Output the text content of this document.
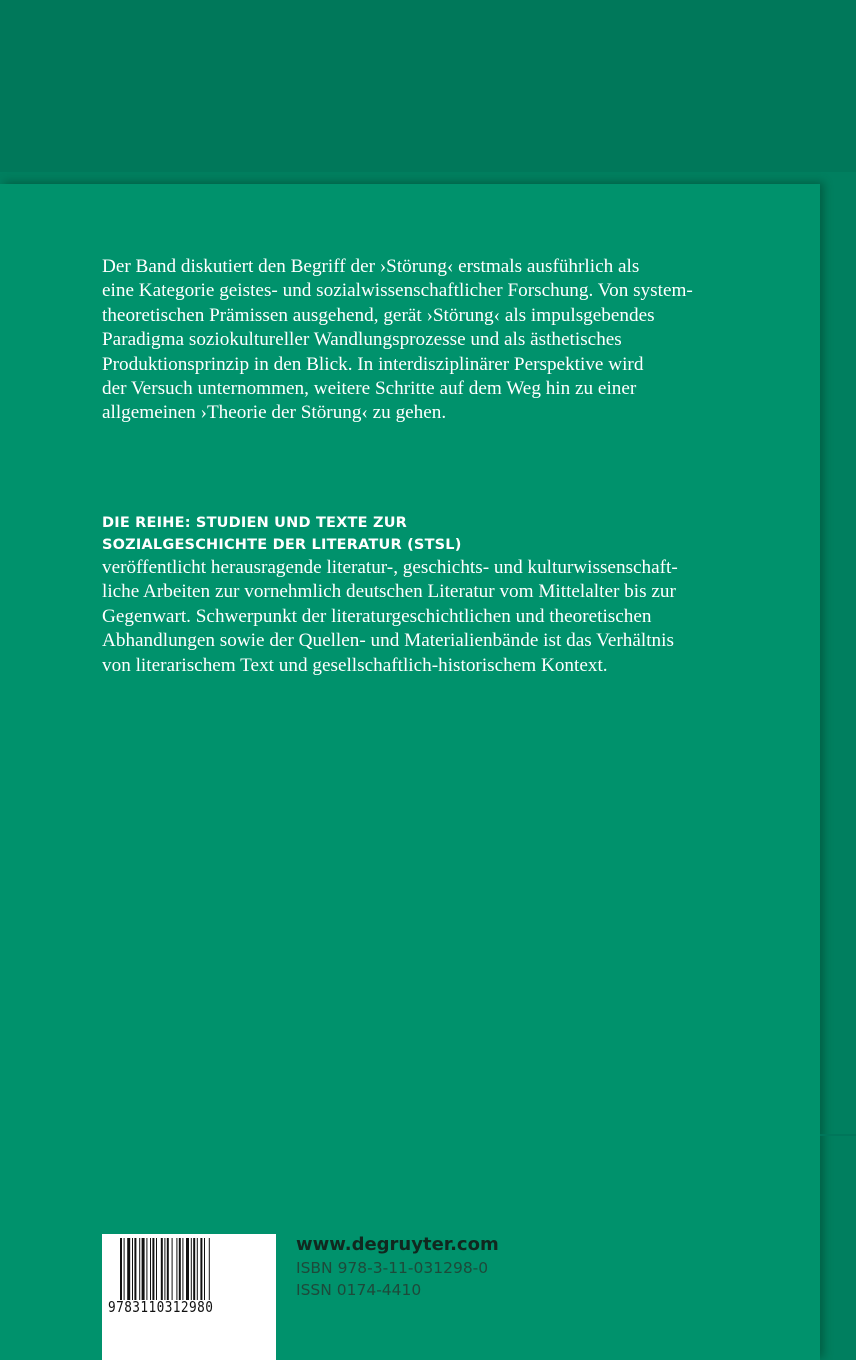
Der Band diskutiert den Begriff der ›Störung‹ erstmals ausführlich als
eine Kategorie geistes- und sozialwissenschaftlicher Forschung. Von system-
theoretischen Prämissen ausgehend, gerät ›Störung‹ als impulsgebendes
Paradigma soziokultureller Wandlungsprozesse und als ästhetisches
Produktionsprinzip in den Blick. In interdisziplinärer Perspektive wird
der Versuch unternommen, weitere Schritte auf dem Weg hin zu einer
allgemeinen ›Theorie der Störung‹ zu gehen.
DIE REIHE: STUDIEN UND TEXTE ZUR
SOZIALGESCHICHTE DER LITERATUR (STSL)
veröffentlicht herausragende literatur-, geschichts- und kulturwissenschaft-
liche Arbeiten zur vornehmlich deutschen Literatur vom Mittelalter bis zur
Gegenwart. Schwerpunkt der literaturgeschichtlichen und theoretischen
Abhandlungen sowie der Quellen- und Materialienbände ist das Verhältnis
von literarischem Text und gesellschaftlich-historischem Kontext.
9783110312980
www.degruyter.com
ISBN 978-3-11-031298-0
ISSN 0174-4410
